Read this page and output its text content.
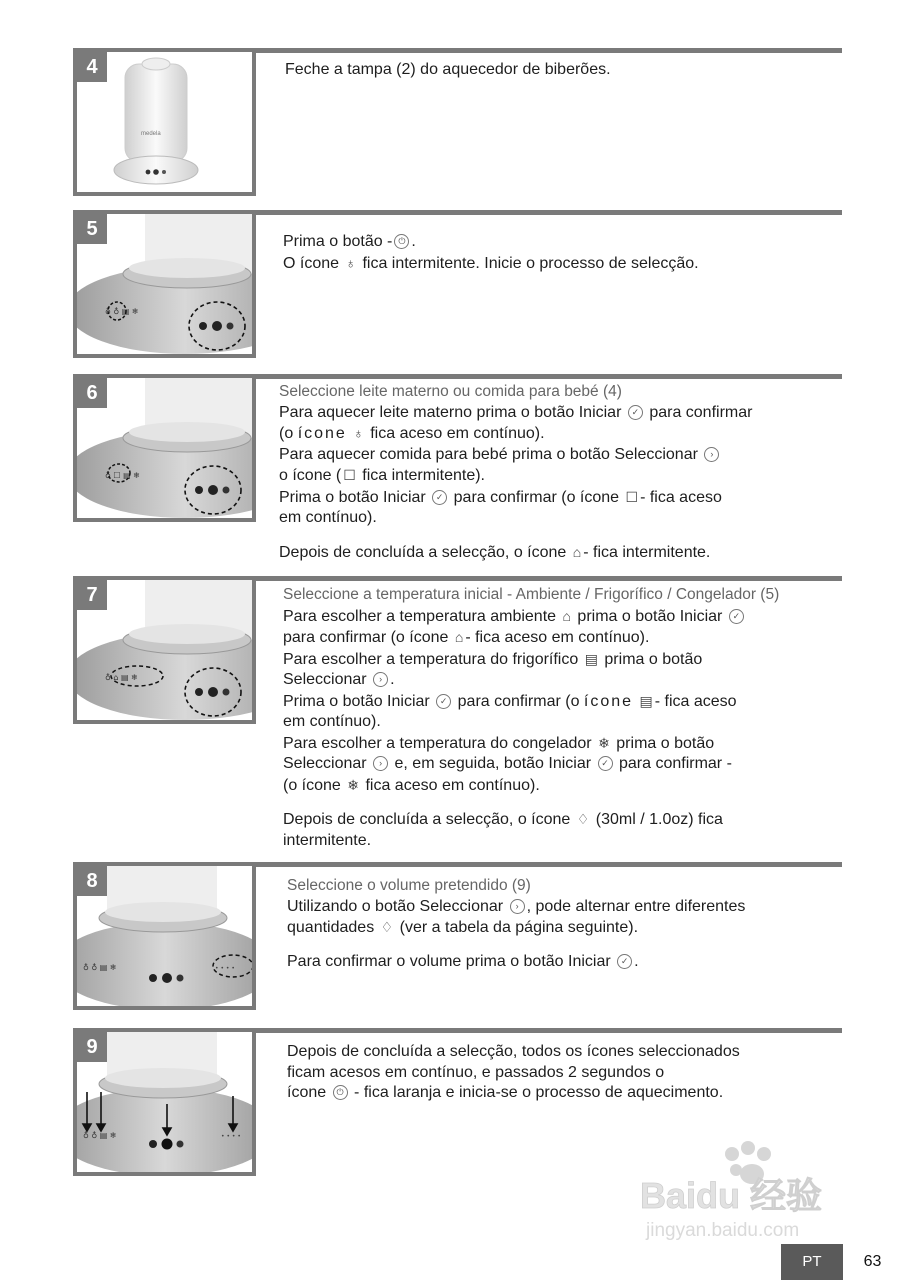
4
medela

Feche a tampa (2) do aquecedor de biberões.

5
♁ ♁ ▤ ❄

Prima o botão - ⏻ .

O ícone ♁ fica intermitente. Inicie o processo de selecção.

6
♁ ☐ ▤ ❄

Seleccione leite materno ou comida para bebé (4)

Para aquecer leite materno prima o botão Iniciar ✓ para confirmar

(o ícone ♁ fica aceso em contínuo).

Para aquecer comida para bebé prima o botão Seleccionar ›

o ícone ( ☐ fica intermitente).

Prima o botão Iniciar ✓ para confirmar (o ícone ☐ - fica aceso

em contínuo).

Depois de concluída a selecção, o ícone ⌂ - fica intermitente.

7
♁ ⌂ ▤ ❄

Seleccione a temperatura inicial - Ambiente / Frigorífico / Congelador (5)

Para escolher a temperatura ambiente ⌂ prima o botão Iniciar ✓

para confirmar (o ícone ⌂ - fica aceso em contínuo).

Para escolher a temperatura do frigorífico ▤ prima o botão

Seleccionar › .

Prima o botão Iniciar ✓ para confirmar (o ícone ▤ - fica aceso

em contínuo).

Para escolher a temperatura do congelador ❄ prima o botão

Seleccionar › e, em seguida, botão Iniciar ✓ para confirmar -

(o ícone ❄ fica aceso em contínuo).

Depois de concluída a selecção, o ícone ♢ (30ml / 1.0oz) fica

intermitente.

8
♁ ♁ ▤ ❄	• • • •

Seleccione o volume pretendido (9)

Utilizando o botão Seleccionar › , pode alternar entre diferentes

quantidades ♢ (ver a tabela da página seguinte).

Para confirmar o volume prima o botão Iniciar ✓ .

9
♁ ♁ ▤ ❄	• • • •

Depois de concluída a selecção, todos os ícones seleccionados

ficam acesos em contínuo, e passados 2 segundos o

ícone ⏻ - fica laranja e inicia-se o processo de aquecimento.

Baidu 经验
jingyan.baidu.com
PT	63
